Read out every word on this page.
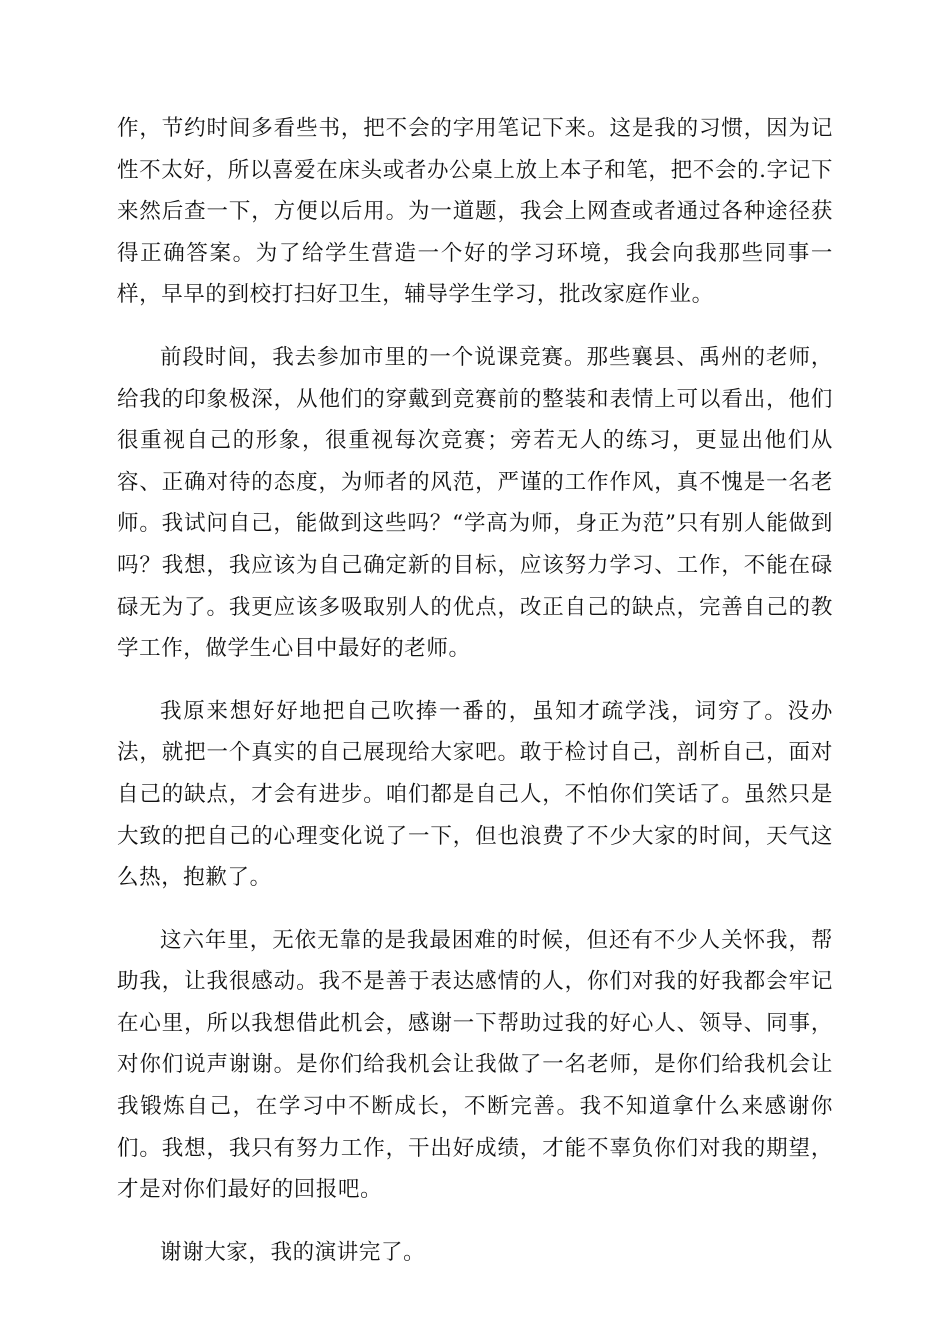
作，节约时间多看些书，把不会的字用笔记下来。这是我的习惯，因为记性不太好，所以喜爱在床头或者办公桌上放上本子和笔，把不会的.字记下来然后查一下，方便以后用。为一道题，我会上网查或者通过各种途径获得正确答案。为了给学生营造一个好的学习环境，我会向我那些同事一样，早早的到校打扫好卫生，辅导学生学习，批改家庭作业。

前段时间，我去参加市里的一个说课竞赛。那些襄县、禹州的老师，给我的印象极深，从他们的穿戴到竞赛前的整装和表情上可以看出，他们很重视自己的形象，很重视每次竞赛；旁若无人的练习，更显出他们从容、正确对待的态度，为师者的风范，严谨的工作作风，真不愧是一名老师。我试问自己，能做到这些吗？“学高为师，身正为范”只有别人能做到吗？我想，我应该为自己确定新的目标，应该努力学习、工作，不能在碌碌无为了。我更应该多吸取别人的优点，改正自己的缺点，完善自己的教学工作，做学生心目中最好的老师。

我原来想好好地把自己吹捧一番的，虽知才疏学浅，词穷了。没办法，就把一个真实的自己展现给大家吧。敢于检讨自己，剖析自己，面对自己的缺点，才会有进步。咱们都是自己人，不怕你们笑话了。虽然只是大致的把自己的心理变化说了一下，但也浪费了不少大家的时间，天气这么热，抱歉了。

这六年里，无依无靠的是我最困难的时候，但还有不少人关怀我，帮助我，让我很感动。我不是善于表达感情的人，你们对我的好我都会牢记在心里，所以我想借此机会，感谢一下帮助过我的好心人、领导、同事，对你们说声谢谢。是你们给我机会让我做了一名老师，是你们给我机会让我锻炼自己，在学习中不断成长，不断完善。我不知道拿什么来感谢你们。我想，我只有努力工作，干出好成绩，才能不辜负你们对我的期望，才是对你们最好的回报吧。

谢谢大家，我的演讲完了。
